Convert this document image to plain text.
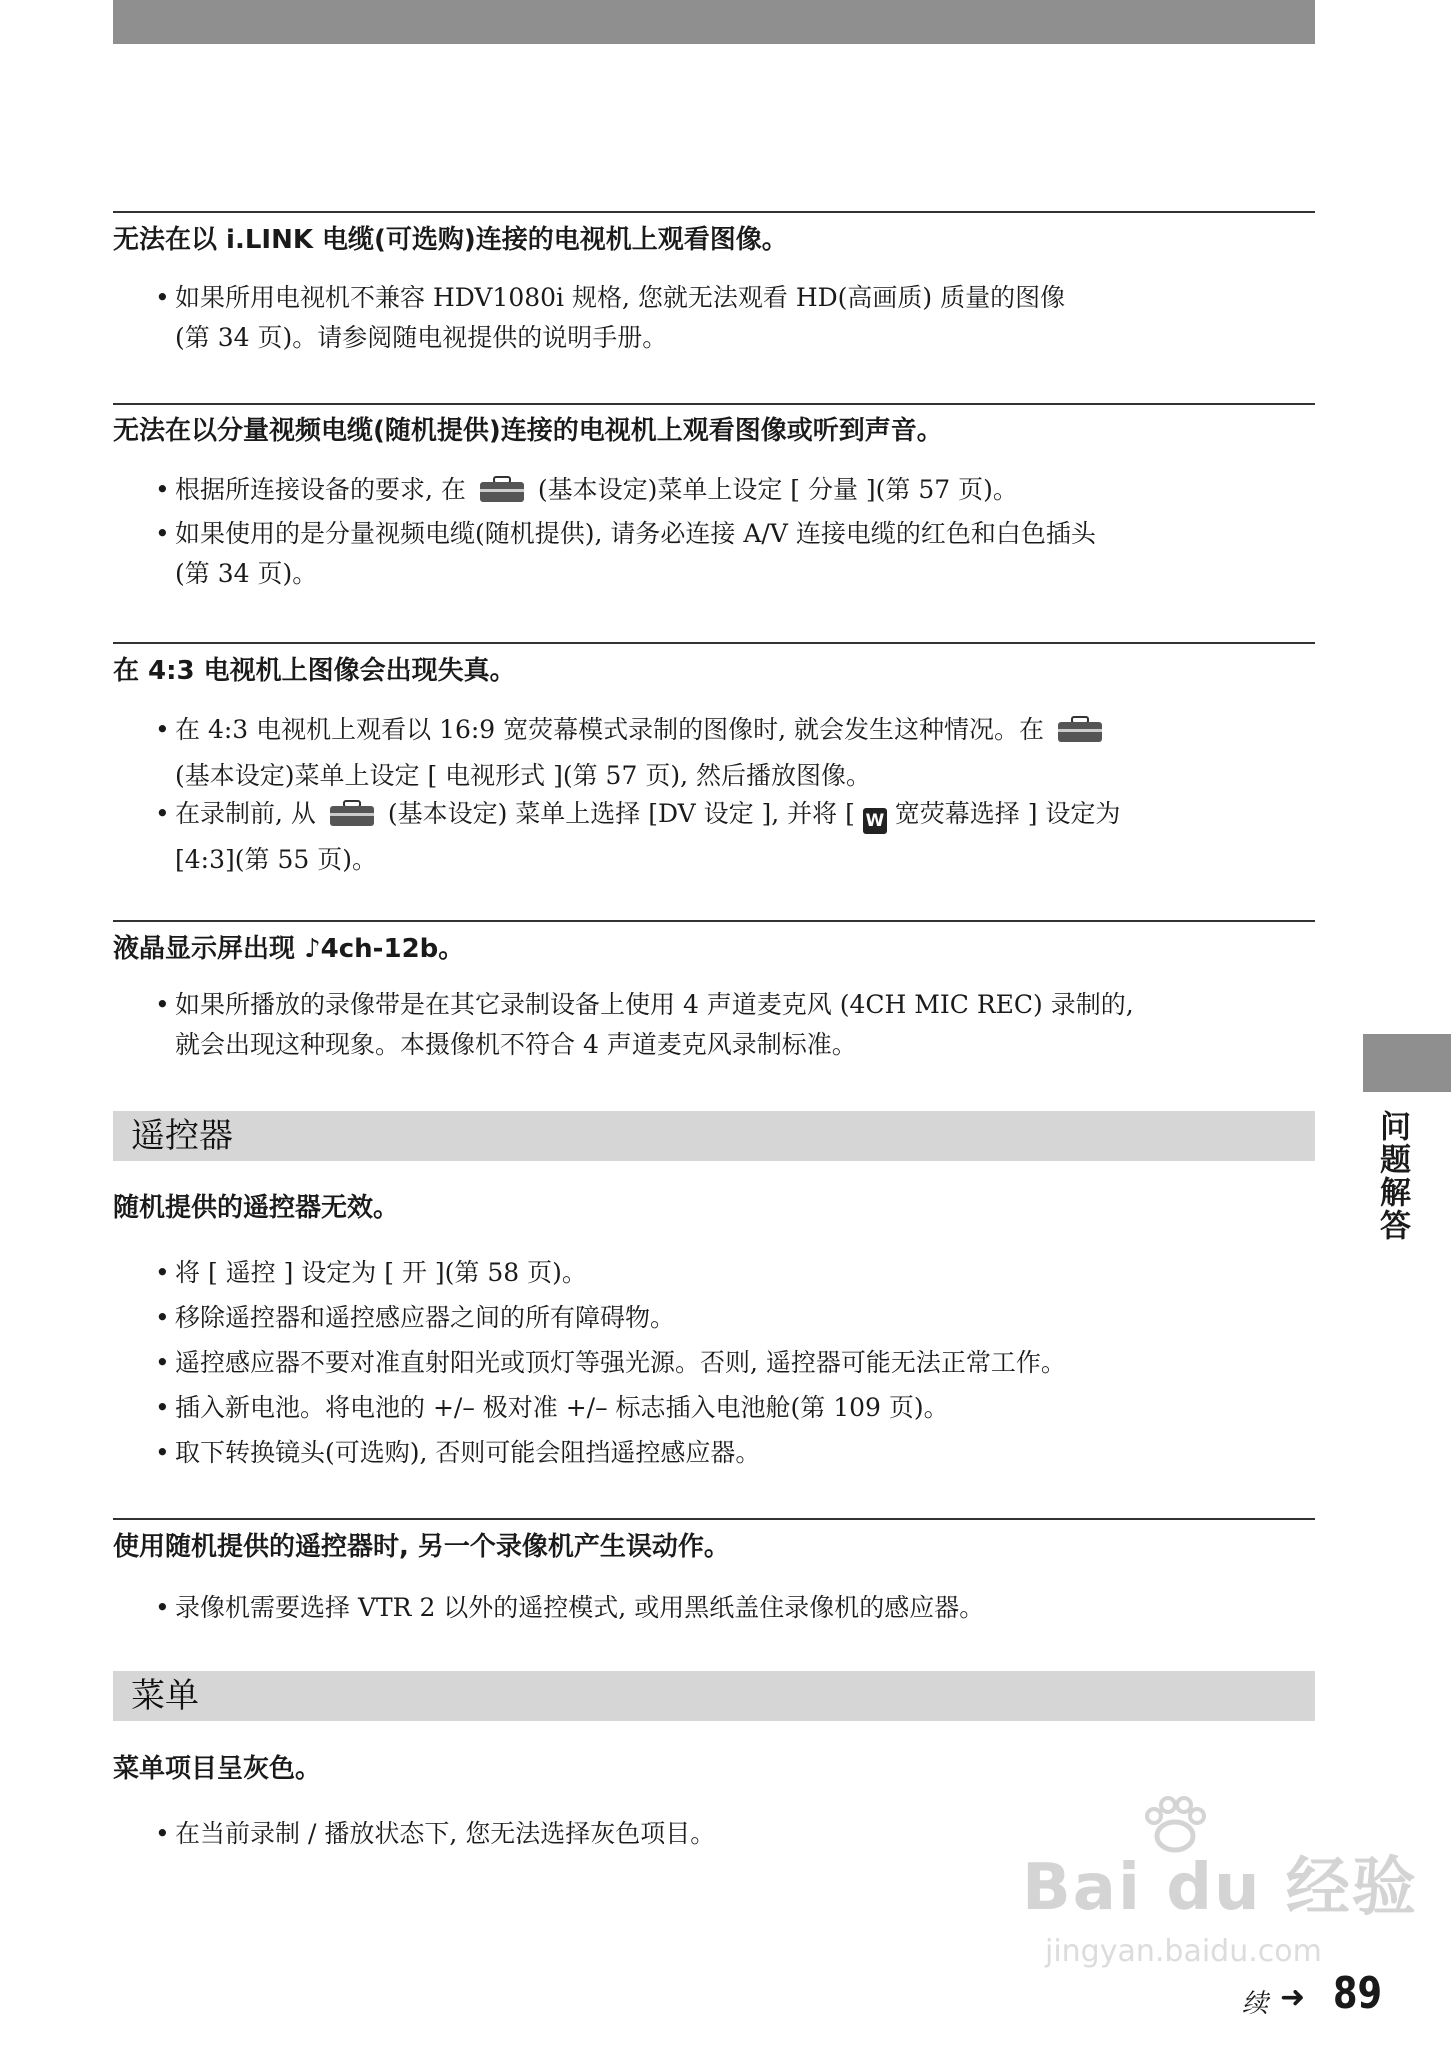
无法在以 i.LINK 电缆(可选购)连接的电视机上观看图像。
• 如果所用电视机不兼容 HDV1080i 规格, 您就无法观看 HD(高画质) 质量的图像
(第 34 页)。请参阅随电视提供的说明手册。
无法在以分量视频电缆(随机提供)连接的电视机上观看图像或听到声音。
• 根据所连接设备的要求, 在	(基本设定)菜单上设定 [ 分量 ](第 57 页)。
• 如果使用的是分量视频电缆(随机提供), 请务必连接 A/V 连接电缆的红色和白色插头
(第 34 页)。
在 4:3 电视机上图像会出现失真。
• 在 4:3 电视机上观看以 16:9 宽荧幕模式录制的图像时, 就会发生这种情况。在
(基本设定)菜单上设定 [ 电视形式 ](第 57 页), 然后播放图像。
• 在录制前, 从	(基本设定) 菜单上选择 [DV 设定 ], 并将 [ W 宽荧幕选择 ] 设定为
[4:3](第 55 页)。
液晶显示屏出现 ♪4ch-12b。
• 如果所播放的录像带是在其它录制设备上使用 4 声道麦克风 (4CH MIC REC) 录制的,
就会出现这种现象。本摄像机不符合 4 声道麦克风录制标准。
遥控器
随机提供的遥控器无效。
• 将 [ 遥控 ] 设定为 [ 开 ](第 58 页)。
• 移除遥控器和遥控感应器之间的所有障碍物。
• 遥控感应器不要对准直射阳光或顶灯等强光源。否则, 遥控器可能无法正常工作。
• 插入新电池。将电池的 +/– 极对准 +/– 标志插入电池舱(第 109 页)。
• 取下转换镜头(可选购), 否则可能会阻挡遥控感应器。
使用随机提供的遥控器时, 另一个录像机产生误动作。
• 录像机需要选择 VTR 2 以外的遥控模式, 或用黑纸盖住录像机的感应器。
菜单
菜单项目呈灰色。
• 在当前录制 / 播放状态下, 您无法选择灰色项目。
问题解答
Bai du 经验
jingyan.baidu.com
续 ➜ 89
